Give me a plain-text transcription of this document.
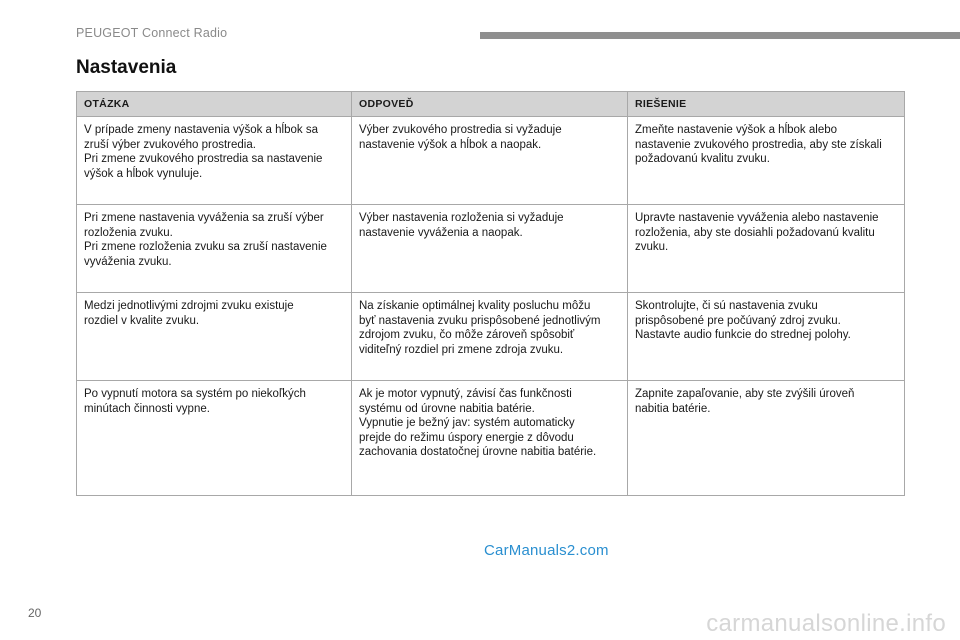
PEUGEOT Connect Radio
Nastavenia
OTÁZKA	ODPOVEĎ	RIEŠENIE

V prípade zmeny nastavenia výšok a hĺbok sa
zruší výber zvukového prostredia.
Pri zmene zvukového prostredia sa nastavenie
výšok a hĺbok vynuluje.	Výber zvukového prostredia si vyžaduje
nastavenie výšok a hĺbok a naopak.	Zmeňte nastavenie výšok a hĺbok alebo
nastavenie zvukového prostredia, aby ste získali
požadovanú kvalitu zvuku.

Pri zmene nastavenia vyváženia sa zruší výber
rozloženia zvuku.
Pri zmene rozloženia zvuku sa zruší nastavenie
vyváženia zvuku.	Výber nastavenia rozloženia si vyžaduje
nastavenie vyváženia a naopak.	Upravte nastavenie vyváženia alebo nastavenie
rozloženia, aby ste dosiahli požadovanú kvalitu
zvuku.

Medzi jednotlivými zdrojmi zvuku existuje
rozdiel v kvalite zvuku.	Na získanie optimálnej kvality posluchu môžu
byť nastavenia zvuku prispôsobené jednotlivým
zdrojom zvuku, čo môže zároveň spôsobiť
viditeľný rozdiel pri zmene zdroja zvuku.	Skontrolujte, či sú nastavenia zvuku
prispôsobené pre počúvaný zdroj zvuku.
Nastavte audio funkcie do strednej polohy.

Po vypnutí motora sa systém po niekoľkých
minútach činnosti vypne.	Ak je motor vypnutý, závisí čas funkčnosti
systému od úrovne nabitia batérie.
Vypnutie je bežný jav: systém automaticky
prejde do režimu úspory energie z dôvodu
zachovania dostatočnej úrovne nabitia batérie.	Zapnite zapaľovanie, aby ste zvýšili úroveň
nabitia batérie.
CarManuals2.com
20	carmanualsonline.info
